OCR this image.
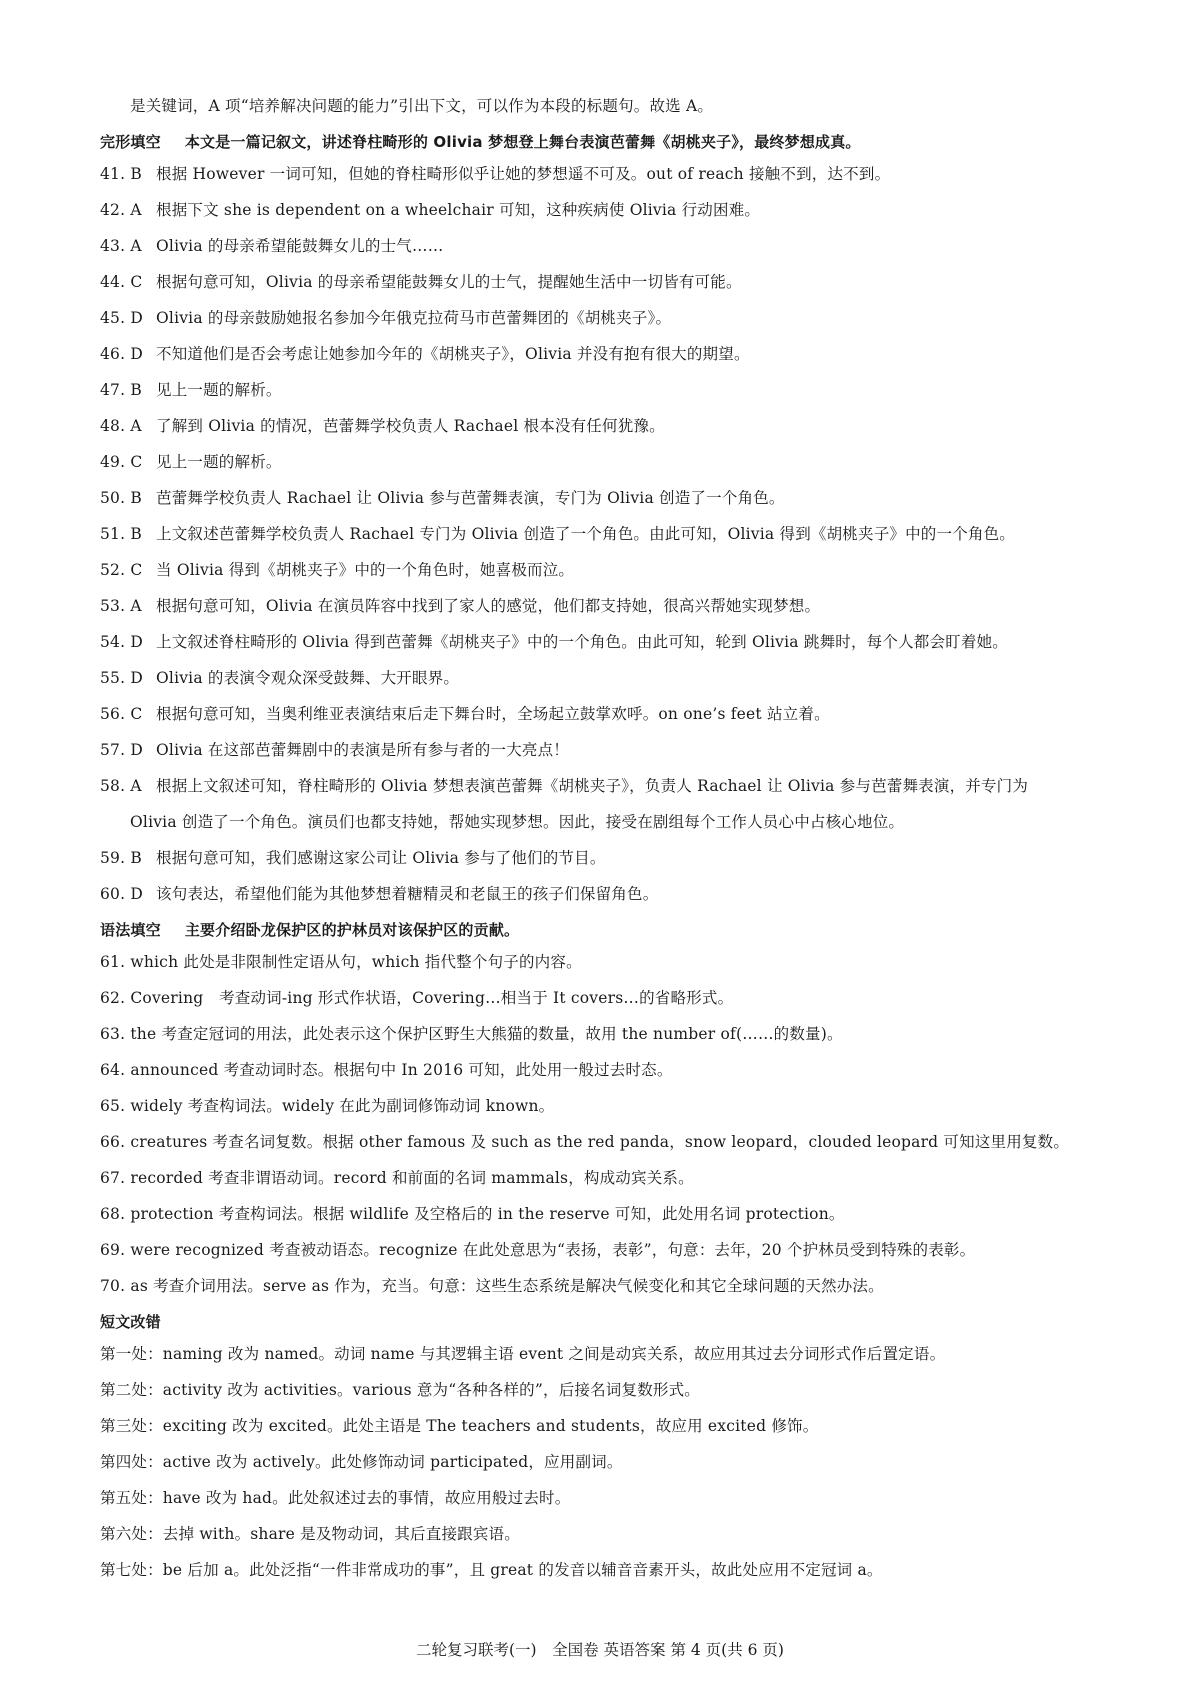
是关键词，A 项“培养解决问题的能力”引出下文，可以作为本段的标题句。故选 A。
完形填空 本文是一篇记叙文，讲述脊柱畸形的 Olivia 梦想登上舞台表演芭蕾舞《胡桃夹子》，最终梦想成真。
41. B 根据 However 一词可知，但她的脊柱畸形似乎让她的梦想遥不可及。out of reach 接触不到，达不到。
42. A 根据下文 she is dependent on a wheelchair 可知，这种疾病使 Olivia 行动困难。
43. A Olivia 的母亲希望能鼓舞女儿的士气……
44. C 根据句意可知，Olivia 的母亲希望能鼓舞女儿的士气，提醒她生活中一切皆有可能。
45. D Olivia 的母亲鼓励她报名参加今年俄克拉荷马市芭蕾舞团的《胡桃夹子》。
46. D 不知道他们是否会考虑让她参加今年的《胡桃夹子》，Olivia 并没有抱有很大的期望。
47. B 见上一题的解析。
48. A 了解到 Olivia 的情况，芭蕾舞学校负责人 Rachael 根本没有任何犹豫。
49. C 见上一题的解析。
50. B 芭蕾舞学校负责人 Rachael 让 Olivia 参与芭蕾舞表演，专门为 Olivia 创造了一个角色。
51. B 上文叙述芭蕾舞学校负责人 Rachael 专门为 Olivia 创造了一个角色。由此可知，Olivia 得到《胡桃夹子》中的一个角色。
52. C 当 Olivia 得到《胡桃夹子》中的一个角色时，她喜极而泣。
53. A 根据句意可知，Olivia 在演员阵容中找到了家人的感觉，他们都支持她，很高兴帮她实现梦想。
54. D 上文叙述脊柱畸形的 Olivia 得到芭蕾舞《胡桃夹子》中的一个角色。由此可知，轮到 Olivia 跳舞时，每个人都会盯着她。
55. D Olivia 的表演令观众深受鼓舞、大开眼界。
56. C 根据句意可知，当奥利维亚表演结束后走下舞台时，全场起立鼓掌欢呼。on one’s feet 站立着。
57. D Olivia 在这部芭蕾舞剧中的表演是所有参与者的一大亮点！
58. A 根据上文叙述可知，脊柱畸形的 Olivia 梦想表演芭蕾舞《胡桃夹子》，负责人 Rachael 让 Olivia 参与芭蕾舞表演，并专门为
Olivia 创造了一个角色。演员们也都支持她，帮她实现梦想。因此，接受在剧组每个工作人员心中占核心地位。
59. B 根据句意可知，我们感谢这家公司让 Olivia 参与了他们的节目。
60. D 该句表达，希望他们能为其他梦想着糖精灵和老鼠王的孩子们保留角色。
语法填空 主要介绍卧龙保护区的护林员对该保护区的贡献。
61. which 此处是非限制性定语从句，which 指代整个句子的内容。
62. Covering　考查动词-ing 形式作状语，Covering…相当于 It covers…的省略形式。
63. the 考查定冠词的用法，此处表示这个保护区野生大熊猫的数量，故用 the number of(……的数量)。
64. announced 考查动词时态。根据句中 In 2016 可知，此处用一般过去时态。
65. widely 考查构词法。widely 在此为副词修饰动词 known。
66. creatures 考查名词复数。根据 other famous 及 such as the red panda，snow leopard，clouded leopard 可知这里用复数。
67. recorded 考查非谓语动词。record 和前面的名词 mammals，构成动宾关系。
68. protection 考查构词法。根据 wildlife 及空格后的 in the reserve 可知，此处用名词 protection。
69. were recognized 考查被动语态。recognize 在此处意思为“表扬，表彰”，句意：去年，20 个护林员受到特殊的表彰。
70. as 考查介词用法。serve as 作为，充当。句意：这些生态系统是解决气候变化和其它全球问题的天然办法。
短文改错
第一处：naming 改为 named。动词 name 与其逻辑主语 event 之间是动宾关系，故应用其过去分词形式作后置定语。
第二处：activity 改为 activities。various 意为“各种各样的”，后接名词复数形式。
第三处：exciting 改为 excited。此处主语是 The teachers and students，故应用 excited 修饰。
第四处：active 改为 actively。此处修饰动词 participated，应用副词。
第五处：have 改为 had。此处叙述过去的事情，故应用般过去时。
第六处：去掉 with。share 是及物动词，其后直接跟宾语。
第七处：be 后加 a。此处泛指“一件非常成功的事”，且 great 的发音以辅音音素开头，故此处应用不定冠词 a。
二轮复习联考(一)　全国卷 英语答案 第 4 页(共 6 页)
